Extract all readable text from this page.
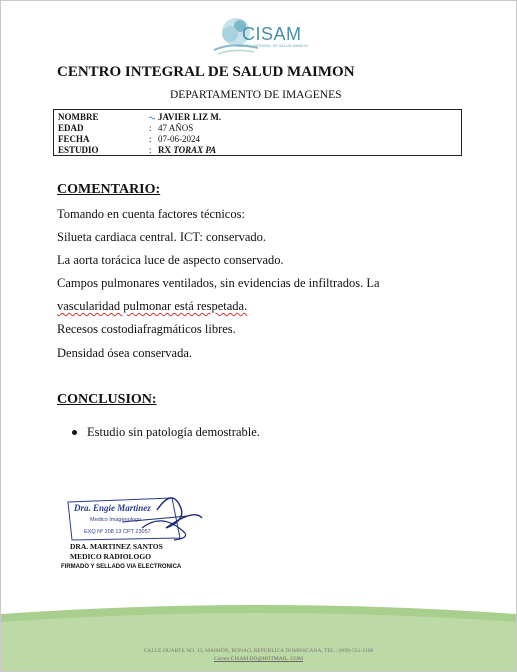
CISAM
CENTRO INTEGRAL DE SALUD MAIMON
CENTRO INTEGRAL DE SALUD MAIMON
DEPARTAMENTO DE IMAGENES
NOMBRE	JAVIER LIZ M.
EDAD	: 47 AÑOS
FECHA	: 07-06-2024
ESTUDIO	: RX TORAX PA
COMENTARIO:
Tomando en cuenta factores técnicos:
Silueta cardiaca central. ICT: conservado.
La aorta torácica luce de aspecto conservado.
Campos pulmonares ventilados, sin evidencias de infiltrados. La
vascularidad pulmonar está respetada.
Recesos costodiafragmáticos libres.
Densidad ósea conservada.
CONCLUSION:
Estudio sin patología demostrable.
Dra. Engie Martinez
Medico Imagenologo
EXQ Nº 208 13 CPT 23057
DRA. MARTINEZ SANTOS
MEDICO RADIOLOGO
FIRMADO Y SELLADO VIA ELECTRONICA
CALLE DUARTE NO. 13, MAIMÓN, BONAO, REPUBLICA DOMINICANA, TEL.: (809)-551-2106
Correo:CISAM.DO@HOTMAIL .COM
